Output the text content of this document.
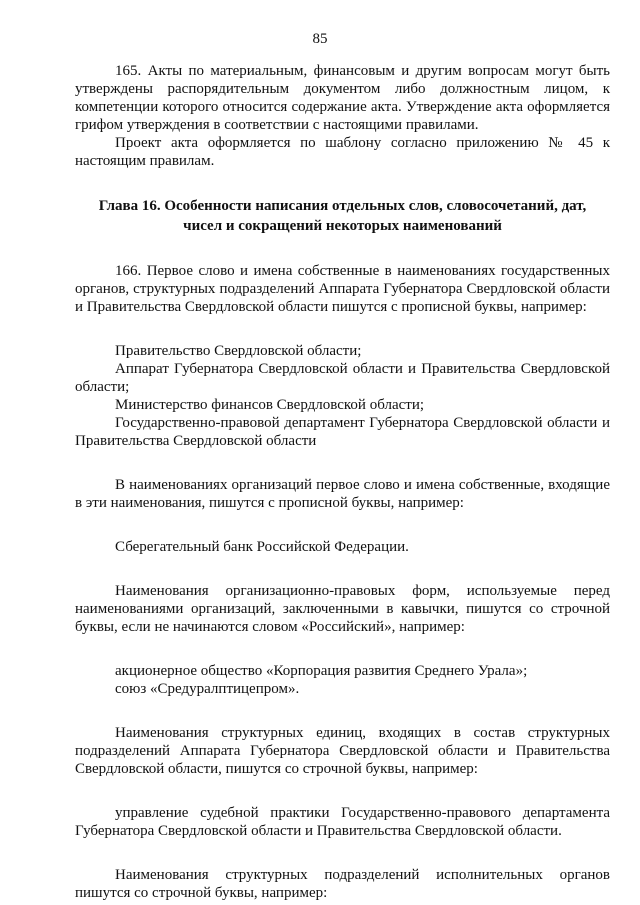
85

165. Акты по материальным, финансовым и другим вопросам могут быть утверждены распорядительным документом либо должностным лицом, к компетенции которого относится содержание акта. Утверждение акта оформляется грифом утверждения в соответствии с настоящими правилами.

Проект акта оформляется по шаблону согласно приложению № 45 к настоящим правилам.

Глава 16. Особенности написания отдельных слов, словосочетаний, дат,

чисел и сокращений некоторых наименований

166. Первое слово и имена собственные в наименованиях государственных органов, структурных подразделений Аппарата Губернатора Свердловской области и Правительства Свердловской области пишутся с прописной буквы, например:

Правительство Свердловской области;

Аппарат Губернатора Свердловской области и Правительства Свердловской области;

Министерство финансов Свердловской области;

Государственно-правовой департамент Губернатора Свердловской области и Правительства Свердловской области

В наименованиях организаций первое слово и имена собственные, входящие в эти наименования, пишутся с прописной буквы, например:

Сберегательный банк Российской Федерации.

Наименования организационно-правовых форм, используемые перед наименованиями организаций, заключенными в кавычки, пишутся со строчной буквы, если не начинаются словом «Российский», например:

акционерное общество «Корпорация развития Среднего Урала»;

союз «Средуралптицепром».

Наименования структурных единиц, входящих в состав структурных подразделений Аппарата Губернатора Свердловской области и Правительства Свердловской области, пишутся со строчной буквы, например:

управление судебной практики Государственно-правового департамента Губернатора Свердловской области и Правительства Свердловской области.

Наименования структурных подразделений исполнительных органов пишутся со строчной буквы, например:
